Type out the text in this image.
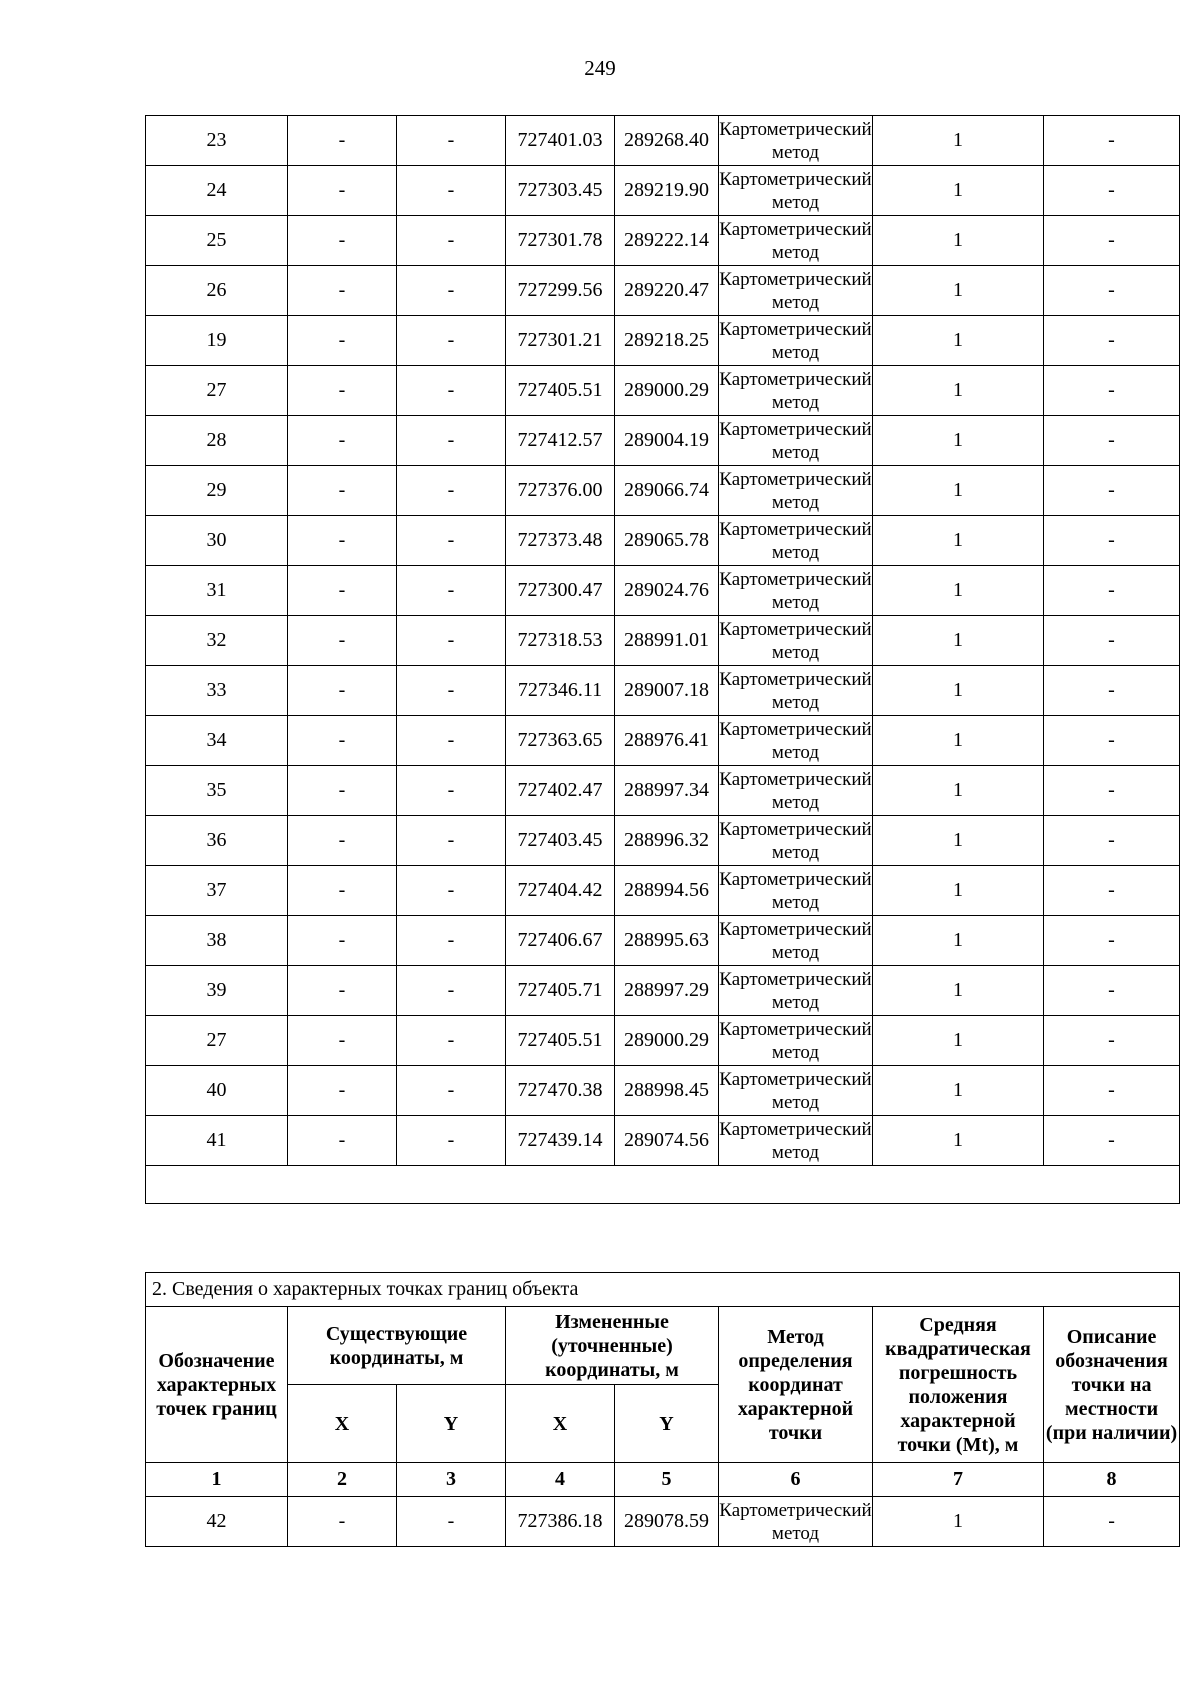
249
23	-	-	727401.03	289268.40	Картометрический метод	1	-
24	-	-	727303.45	289219.90	Картометрический метод	1	-
25	-	-	727301.78	289222.14	Картометрический метод	1	-
26	-	-	727299.56	289220.47	Картометрический метод	1	-
19	-	-	727301.21	289218.25	Картометрический метод	1	-
27	-	-	727405.51	289000.29	Картометрический метод	1	-
28	-	-	727412.57	289004.19	Картометрический метод	1	-
29	-	-	727376.00	289066.74	Картометрический метод	1	-
30	-	-	727373.48	289065.78	Картометрический метод	1	-
31	-	-	727300.47	289024.76	Картометрический метод	1	-
32	-	-	727318.53	288991.01	Картометрический метод	1	-
33	-	-	727346.11	289007.18	Картометрический метод	1	-
34	-	-	727363.65	288976.41	Картометрический метод	1	-
35	-	-	727402.47	288997.34	Картометрический метод	1	-
36	-	-	727403.45	288996.32	Картометрический метод	1	-
37	-	-	727404.42	288994.56	Картометрический метод	1	-
38	-	-	727406.67	288995.63	Картометрический метод	1	-
39	-	-	727405.71	288997.29	Картометрический метод	1	-
27	-	-	727405.51	289000.29	Картометрический метод	1	-
40	-	-	727470.38	288998.45	Картометрический метод	1	-
41	-	-	727439.14	289074.56	Картометрический метод	1	-

2. Сведения о характерных точках границ объекта							
Обозначение характерных точек границ	Существующие координаты, м		Измененные (уточненные) координаты, м		Метод определения координат характерной точки	Средняя квадратическая погрешность положения характерной точки (Mt), м	Описание обозначения точки на местности (при наличии)
	X	Y	X	Y			
1	2	3	4	5	6	7	8
42	-	-	727386.18	289078.59	Картометрический метод	1	-
